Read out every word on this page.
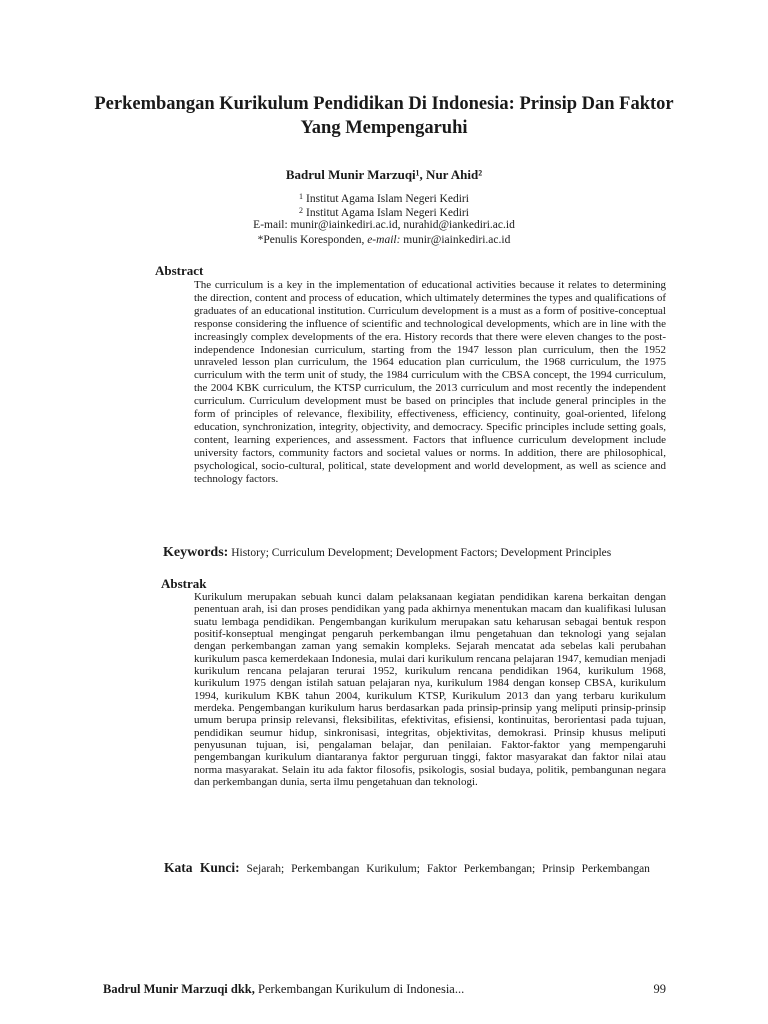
Perkembangan Kurikulum Pendidikan Di Indonesia: Prinsip Dan Faktor Yang Mempengaruhi
Badrul Munir Marzuqi¹, Nur Ahid²
$^1$ Institut Agama Islam Negeri Kediri
$^2$ Institut Agama Islam Negeri Kediri
E-mail: munir@iainkediri.ac.id, nurahid@iankediri.ac.id
*Penulis Koresponden, e-mail: munir@iainkediri.ac.id
Abstract
The curriculum is a key in the implementation of educational activities because it relates to determining the direction, content and process of education, which ultimately determines the types and qualifications of graduates of an educational institution. Curriculum development is a must as a form of positive-conceptual response considering the influence of scientific and technological developments, which are in line with the increasingly complex developments of the era. History records that there were eleven changes to the post-independence Indonesian curriculum, starting from the 1947 lesson plan curriculum, then the 1952 unraveled lesson plan curriculum, the 1964 education plan curriculum, the 1968 curriculum, the 1975 curriculum with the term unit of study, the 1984 curriculum with the CBSA concept, the 1994 curriculum, the 2004 KBK curriculum, the KTSP curriculum, the 2013 curriculum and most recently the independent curriculum. Curriculum development must be based on principles that include general principles in the form of principles of relevance, flexibility, effectiveness, efficiency, continuity, goal-oriented, lifelong education, synchronization, integrity, objectivity, and democracy. Specific principles include setting goals, content, learning experiences, and assessment. Factors that influence curriculum development include university factors, community factors and societal values or norms. In addition, there are philosophical, psychological, socio-cultural, political, state development and world development, as well as science and technology factors.
Keywords: History; Curriculum Development; Development Factors; Development Principles
Abstrak
Kurikulum merupakan sebuah kunci dalam pelaksanaan kegiatan pendidikan karena berkaitan dengan penentuan arah, isi dan proses pendidikan yang pada akhirnya menentukan macam dan kualifikasi lulusan suatu lembaga pendidikan. Pengembangan kurikulum merupakan satu keharusan sebagai bentuk respon positif-konseptual mengingat pengaruh perkembangan ilmu pengetahuan dan teknologi yang sejalan dengan perkembangan zaman yang semakin kompleks. Sejarah mencatat ada sebelas kali perubahan kurikulum pasca kemerdekaan Indonesia, mulai dari kurikulum rencana pelajaran 1947, kemudian menjadi kurikulum rencana pelajaran terurai 1952, kurikulum rencana pendidikan 1964, kurikulum 1968, kurikulum 1975 dengan istilah satuan pelajaran nya, kurikulum 1984 dengan konsep CBSA, kurikulum 1994, kurikulum KBK tahun 2004, kurikulum KTSP, Kurikulum 2013 dan yang terbaru kurikulum merdeka. Pengembangan kurikulum harus berdasarkan pada prinsip-prinsip yang meliputi prinsip-prinsip umum berupa prinsip relevansi, fleksibilitas, efektivitas, efisiensi, kontinuitas, berorientasi pada tujuan, pendidikan seumur hidup, sinkronisasi, integritas, objektivitas, demokrasi. Prinsip khusus meliputi penyusunan tujuan, isi, pengalaman belajar, dan penilaian. Faktor-faktor yang mempengaruhi pengembangan kurikulum diantaranya faktor perguruan tinggi, faktor masyarakat dan faktor nilai atau norma masyarakat. Selain itu ada faktor filosofis, psikologis, sosial budaya, politik, pembangunan negara dan perkembangan dunia, serta ilmu pengetahuan dan teknologi.
Kata Kunci: Sejarah; Perkembangan Kurikulum; Faktor Perkembangan; Prinsip Perkembangan
Badrul Munir Marzuqi dkk, Perkembangan Kurikulum di Indonesia...	99
